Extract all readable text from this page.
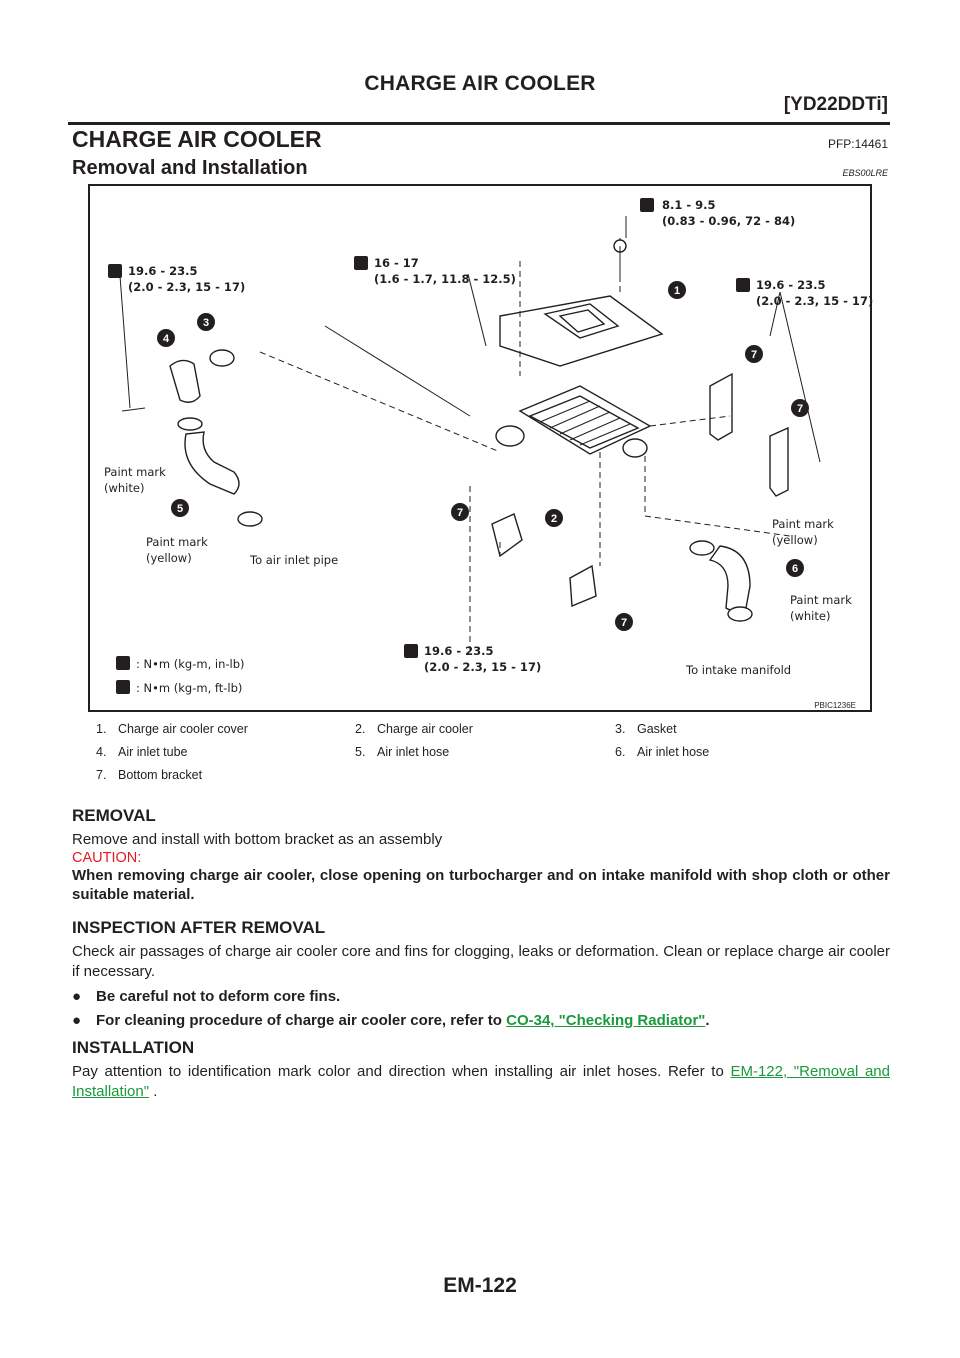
CHARGE AIR COOLER
[YD22DDTi]
CHARGE AIR COOLER	PFP:14461
Removal and Installation	EBS00LRE
8.1 - 9.5
(0.83 - 0.96, 72 - 84)
19.6 - 23.5
(2.0 - 2.3, 15 - 17)
16 - 17
(1.6 - 1.7, 11.8 - 12.5)	19.6 - 23.5
(2.0 - 2.3, 15 - 17)
19.6 - 23.5
(2.0 - 2.3, 15 - 17)
1
2
3
4
5
6
7
7
7
7
Paint mark
(white)
Paint mark
(yellow)	To air inlet pipe
Paint mark
(yellow)
Paint mark
(white)
To intake manifold
: N•m (kg-m, in-lb)
: N•m (kg-m, ft-lb)
PBIC1236E
1. Charge air cooler cover	2. Charge air cooler	3. Gasket
4. Air inlet tube	5. Air inlet hose	6. Air inlet hose
7. Bottom bracket
REMOVAL
Remove and install with bottom bracket as an assembly
CAUTION:
When removing charge air cooler, close opening on turbocharger and on intake manifold with shop cloth or other suitable material.
INSPECTION AFTER REMOVAL
Check air passages of charge air cooler core and fins for clogging, leaks or deformation. Clean or replace charge air cooler if necessary.
● Be careful not to deform core fins.
● For cleaning procedure of charge air cooler core, refer to CO-34, "Checking Radiator".
INSTALLATION
Pay attention to identification mark color and direction when installing air inlet hoses. Refer to EM-122, "Removal and Installation" .
EM-122
